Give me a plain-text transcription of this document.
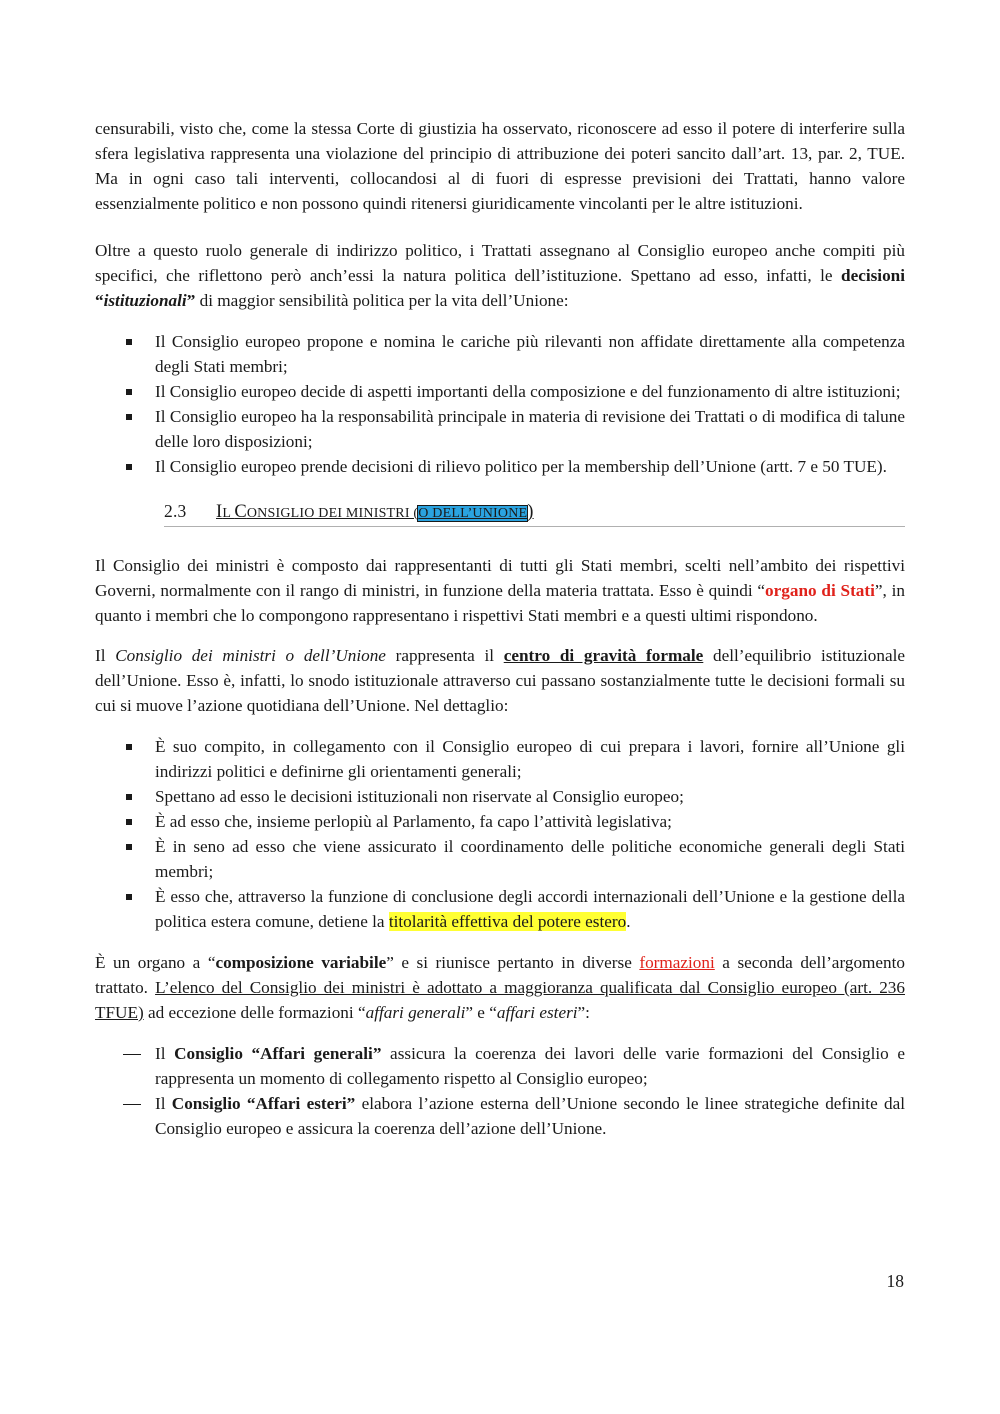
censurabili, visto che, come la stessa Corte di giustizia ha osservato, riconoscere ad esso il potere di interferire sulla sfera legislativa rappresenta una violazione del principio di attribuzione dei poteri sancito dall’art. 13, par. 2, TUE. Ma in ogni caso tali interventi, collocandosi al di fuori di espresse previsioni dei Trattati, hanno valore essenzialmente politico e non possono quindi ritenersi giuridicamente vincolanti per le altre istituzioni.

Oltre a questo ruolo generale di indirizzo politico, i Trattati assegnano al Consiglio europeo anche compiti più specifici, che riflettono però anch’essi la natura politica dell’istituzione. Spettano ad esso, infatti, le decisioni “istituzionali” di maggior sensibilità politica per la vita dell’Unione:

Il Consiglio europeo propone e nomina le cariche più rilevanti non affidate direttamente alla competenza degli Stati membri;
Il Consiglio europeo decide di aspetti importanti della composizione e del funzionamento di altre istituzioni;
Il Consiglio europeo ha la responsabilità principale in materia di revisione dei Trattati o di modifica di talune delle loro disposizioni;
Il Consiglio europeo prende decisioni di rilievo politico per la membership dell’Unione (artt. 7 e 50 TUE).
2.3 IL CONSIGLIO DEI MINISTRI (O DELL’UNIONE)

Il Consiglio dei ministri è composto dai rappresentanti di tutti gli Stati membri, scelti nell’ambito dei rispettivi Governi, normalmente con il rango di ministri, in funzione della materia trattata. Esso è quindi “organo di Stati”, in quanto i membri che lo compongono rappresentano i rispettivi Stati membri e a questi ultimi rispondono.

Il Consiglio dei ministri o dell’Unione rappresenta il centro di gravità formale dell’equilibrio istituzionale dell’Unione. Esso è, infatti, lo snodo istituzionale attraverso cui passano sostanzialmente tutte le decisioni formali su cui si muove l’azione quotidiana dell’Unione. Nel dettaglio:

È suo compito, in collegamento con il Consiglio europeo di cui prepara i lavori, fornire all’Unione gli indirizzi politici e definirne gli orientamenti generali;
Spettano ad esso le decisioni istituzionali non riservate al Consiglio europeo;
È ad esso che, insieme perlopiù al Parlamento, fa capo l’attività legislativa;
È in seno ad esso che viene assicurato il coordinamento delle politiche economiche generali degli Stati membri;
È esso che, attraverso la funzione di conclusione degli accordi internazionali dell’Unione e la gestione della politica estera comune, detiene la titolarità effettiva del potere estero.

È un organo a “composizione variabile” e si riunisce pertanto in diverse formazioni a seconda dell’argomento trattato. L’elenco del Consiglio dei ministri è adottato a maggioranza qualificata dal Consiglio europeo (art. 236 TFUE) ad eccezione delle formazioni “affari generali” e “affari esteri”:

Il Consiglio “Affari generali” assicura la coerenza dei lavori delle varie formazioni del Consiglio e rappresenta un momento di collegamento rispetto al Consiglio europeo;
Il Consiglio “Affari esteri” elabora l’azione esterna dell’Unione secondo le linee strategiche definite dal Consiglio europeo e assicura la coerenza dell’azione dell’Unione.
18
